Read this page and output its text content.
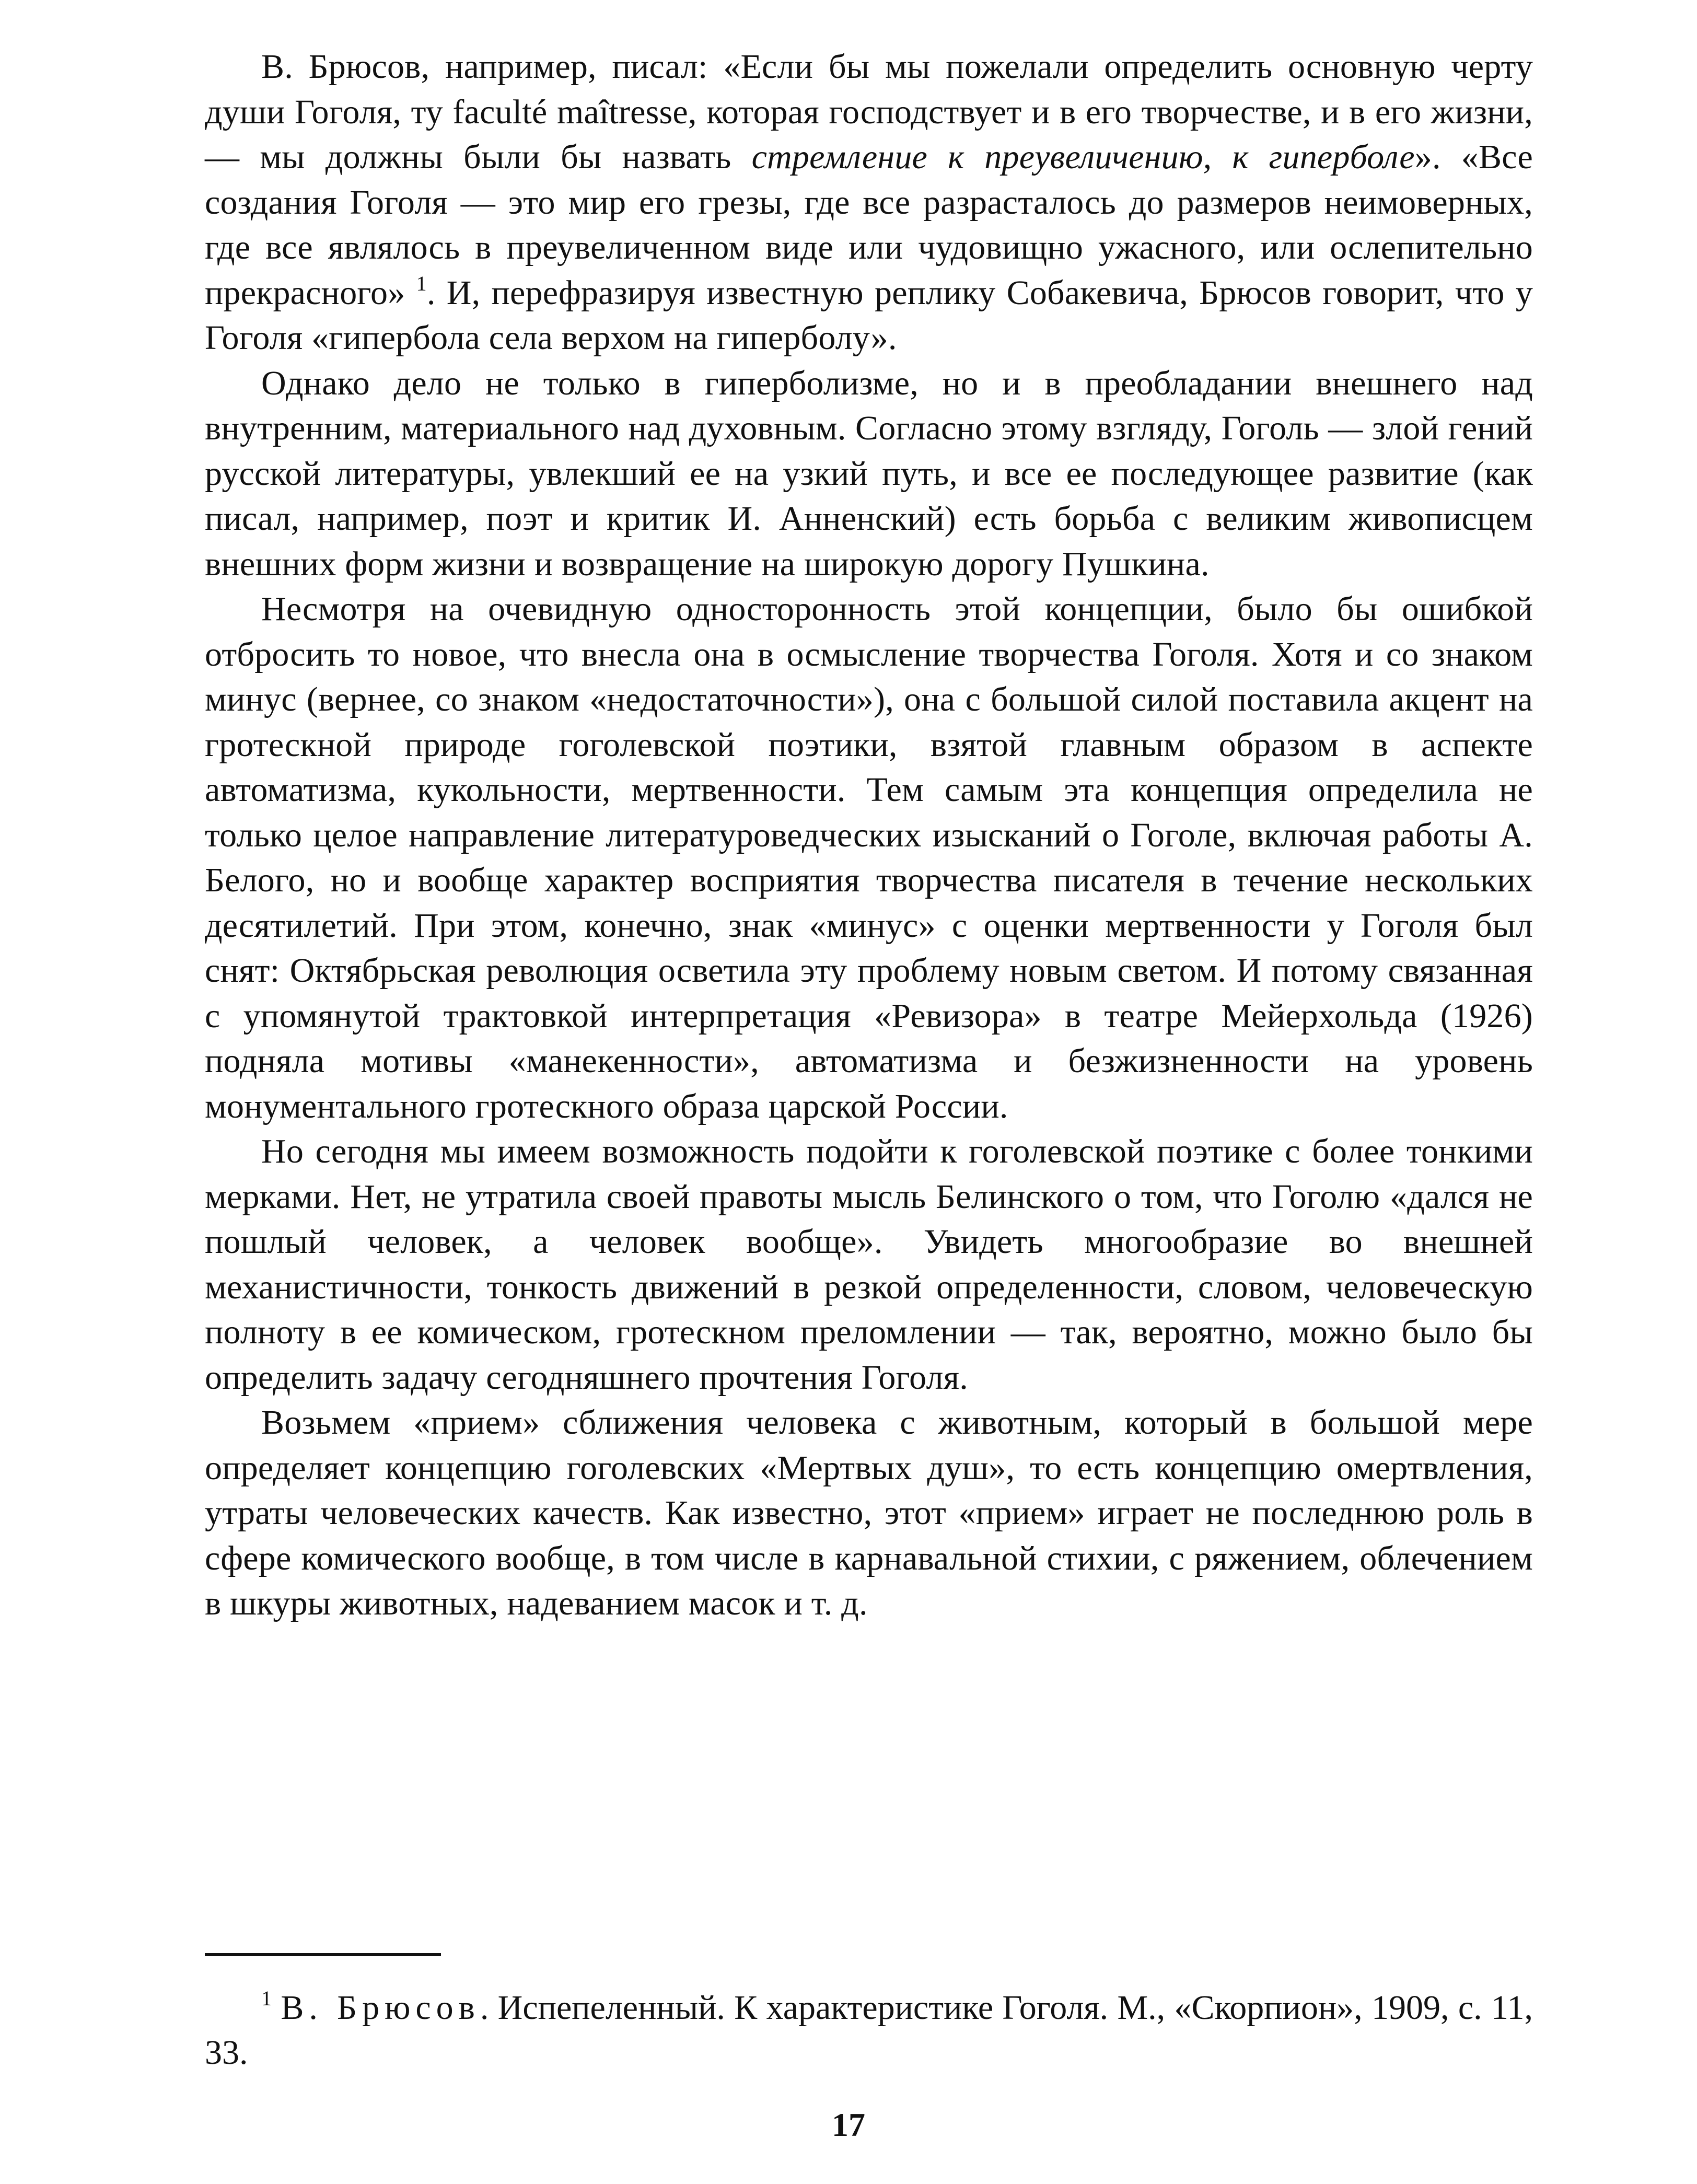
В. Брюсов, например, писал: «Если бы мы пожелали определить основную черту души Гоголя, ту faculté maîtresse, которая господствует и в его творчестве, и в его жизни,— мы должны были бы назвать стремление к преувеличению, к гиперболе». «Все создания Гоголя — это мир его грезы, где все разрасталось до размеров неимоверных, где все являлось в преувеличенном виде или чудовищно ужасного, или ослепительно прекрасного» $^1$. И, перефразируя известную реплику Собакевича, Брюсов говорит, что у Гоголя «гипербола села верхом на гиперболу».

Однако дело не только в гиперболизме, но и в преобладании внешнего над внутренним, материального над духовным. Согласно этому взгляду, Гоголь — злой гений русской литературы, увлекший ее на узкий путь, и все ее последующее развитие (как писал, например, поэт и критик И. Анненский) есть борьба с великим живописцем внешних форм жизни и возвращение на широкую дорогу Пушкина.

Несмотря на очевидную односторонность этой концепции, было бы ошибкой отбросить то новое, что внесла она в осмысление творчества Гоголя. Хотя и со знаком минус (вернее, со знаком «недостаточности»), она с большой силой поставила акцент на гротескной природе гоголевской поэтики, взятой главным образом в аспекте автоматизма, кукольности, мертвенности. Тем самым эта концепция определила не только целое направление литературоведческих изысканий о Гоголе, включая работы А. Белого, но и вообще характер восприятия творчества писателя в течение нескольких десятилетий. При этом, конечно, знак «минус» с оценки мертвенности у Гоголя был снят: Октябрьская революция осветила эту проблему новым светом. И потому связанная с упомянутой трактовкой интерпретация «Ревизора» в театре Мейерхольда (1926) подняла мотивы «манекенности», автоматизма и безжизненности на уровень монументального гротескного образа царской России.

Но сегодня мы имеем возможность подойти к гоголевской поэтике с более тонкими мерками. Нет, не утратила своей правоты мысль Белинского о том, что Гоголю «дался не пошлый человек, а человек вообще». Увидеть многообразие во внешней механистичности, тонкость движений в резкой определенности, словом, человеческую полноту в ее комическом, гротескном преломлении — так, вероятно, можно было бы определить задачу сегодняшнего прочтения Гоголя.

Возьмем «прием» сближения человека с животным, который в большой мере определяет концепцию гоголевских «Мертвых душ», то есть концепцию омертвления, утраты человеческих качеств. Как известно, этот «прием» играет не последнюю роль в сфере комического вообще, в том числе в карнавальной стихии, с ряжением, облечением в шкуры животных, надеванием масок и т. д.

$^1$ В. Брюсов. Испепеленный. К характеристике Гоголя. М., «Скорпион», 1909, с. 11, 33.

17
